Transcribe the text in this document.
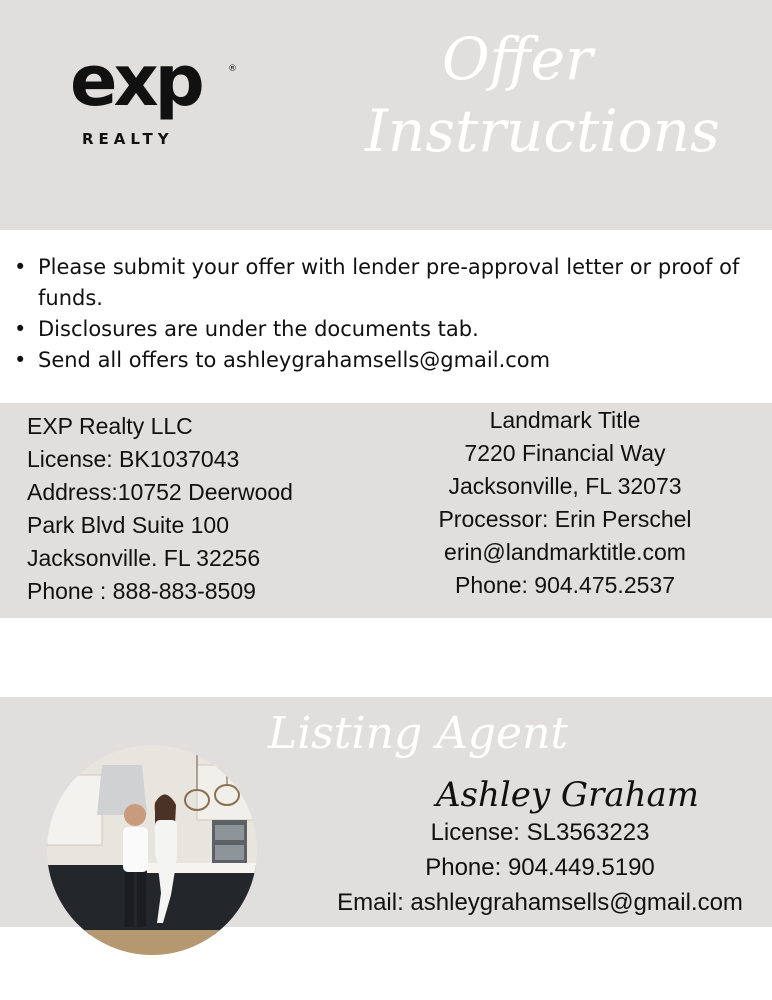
exp	®
REALTY
Offer
Instructions
• Please submit your offer with lender pre-approval letter or proof of funds.
• Disclosures are under the documents tab.
• Send all offers to ashleygrahamsells@gmail.com
EXP Realty LLC
License: BK1037043
Address:10752 Deerwood
Park Blvd Suite 100
Jacksonville. FL 32256
Phone : 888-883-8509
Landmark Title
7220 Financial Way
Jacksonville, FL 32073
Processor: Erin Perschel
erin@landmarktitle.com
Phone: 904.475.2537
Listing Agent
Ashley Graham
License: SL3563223
Phone: 904.449.5190
Email: ashleygrahamsells@gmail.com
